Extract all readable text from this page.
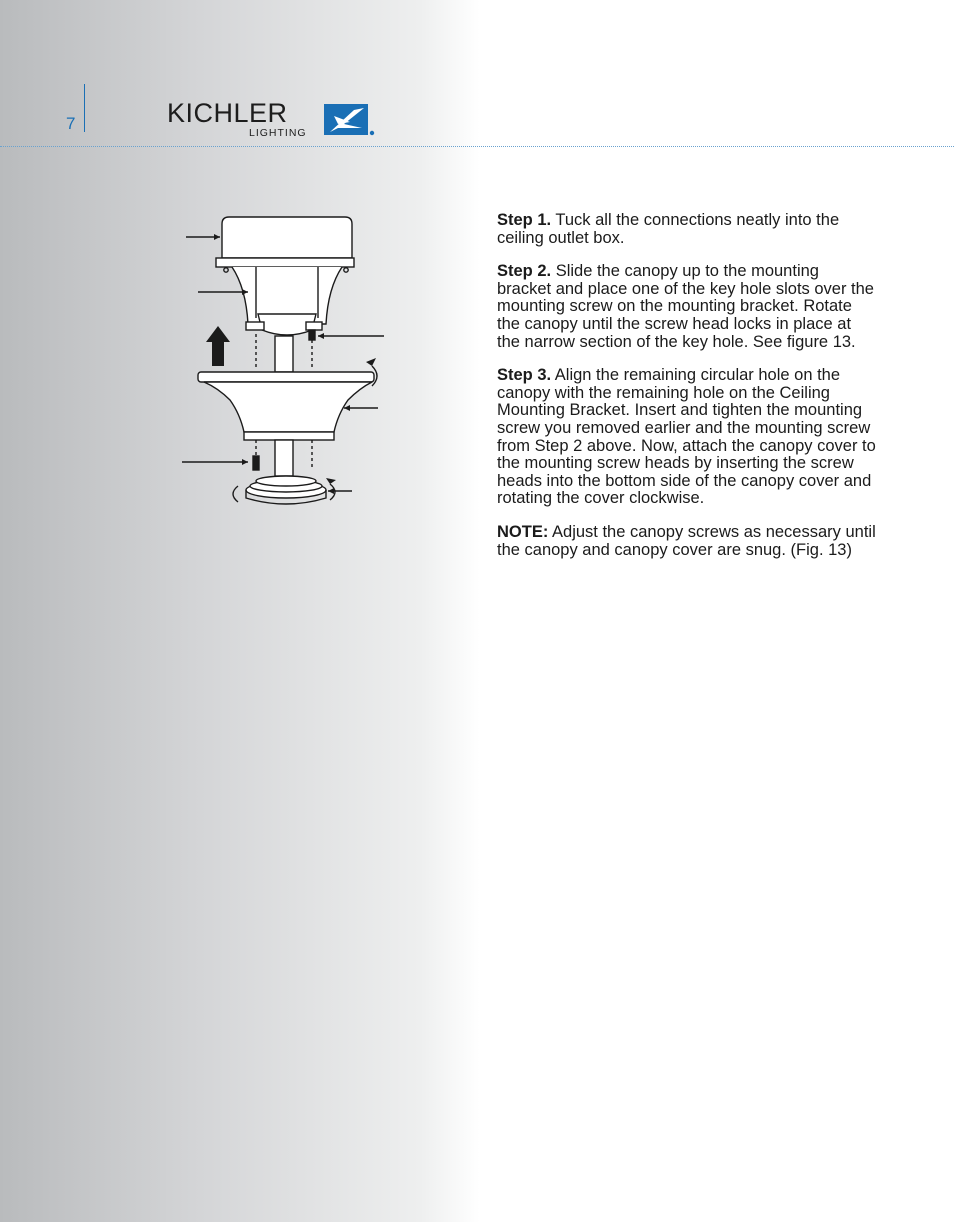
7	KICHLER
LIGHTING

Step 1. Tuck all the connections neatly into the ceiling outlet box.

Step 2. Slide the canopy up to the mounting bracket and place one of the key hole slots over the mounting screw on the mounting bracket. Rotate the canopy until the screw head locks in place at the narrow section of the key hole. See figure 13.

Step 3. Align the remaining circular hole on the canopy with the remaining hole on the Ceiling Mounting Bracket. Insert and tighten the mounting screw you removed earlier and the mounting screw from Step 2 above. Now, attach the canopy cover to the mounting screw heads by inserting the screw heads into the bottom side of the canopy cover and rotating the cover clockwise.

NOTE: Adjust the canopy screws as necessary until the canopy and canopy cover are snug. (Fig. 13)
